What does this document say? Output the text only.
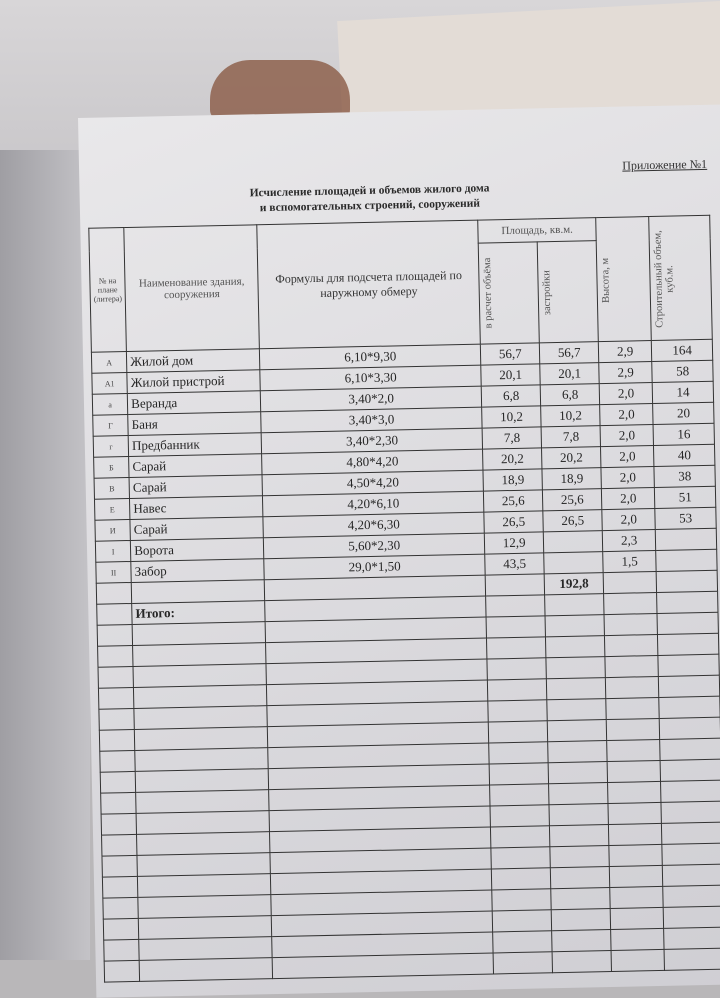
Приложение №1
Исчисление площадей и объемов жилого дома
и вспомогательных строений, сооружений
№ на плане (литера)	Наименование здания, сооружения	Формулы для подсчета площадей по наружному обмеру	Площадь, кв.м.		Высота, м	Строительный объем, куб.м.

			в расчет объёма	застройки		

А	Жилой дом	6,10*9,30	56,7	56,7	2,9	164
А1	Жилой пристрой	6,10*3,30	20,1	20,1	2,9	58
а	Веранда	3,40*2,0	6,8	6,8	2,0	14
Г	Баня	3,40*3,0	10,2	10,2	2,0	20
г	Предбанник	3,40*2,30	7,8	7,8	2,0	16
Б	Сарай	4,80*4,20	20,2	20,2	2,0	40
В	Сарай	4,50*4,20	18,9	18,9	2,0	38
Е	Навес	4,20*6,10	25,6	25,6	2,0	51
И	Сарай	4,20*6,30	26,5	26,5	2,0	53
I	Ворота	5,60*2,30	12,9		2,3	
II	Забор	29,0*1,50	43,5		1,5	
				192,8		
	Итого:					
